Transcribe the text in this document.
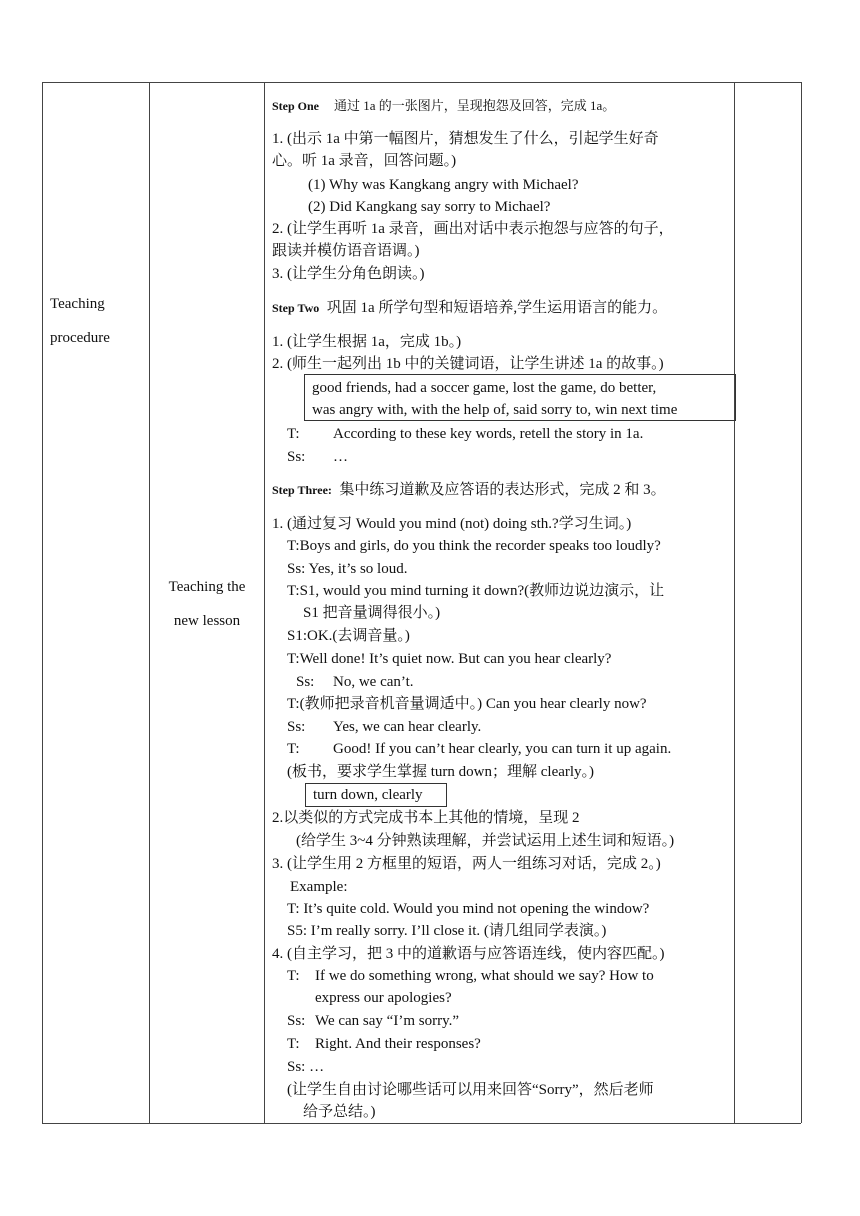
Teaching
procedure
Teaching the
new lesson
Step One 通过 1a 的一张图片，呈现抱怨及回答，完成 1a。
1. (出示 1a 中第一幅图片，猜想发生了什么，引起学生好奇
心。听 1a 录音，回答问题。)
(1) Why was Kangkang angry with Michael?
(2) Did Kangkang say sorry to Michael?
2. (让学生再听 1a 录音，画出对话中表示抱怨与应答的句子，
跟读并模仿语音语调。)
3. (让学生分角色朗读。)
Step Two 巩固 1a 所学句型和短语培养,学生运用语言的能力。
1. (让学生根据 1a，完成 1b。)
2. (师生一起列出 1b 中的关键词语，让学生讲述 1a 的故事。)
good friends, had a soccer game, lost the game, do better,
was angry with, with the help of, said sorry to, win next time
T: According to these key words, retell the story in 1a.
Ss: …
Step Three: 集中练习道歉及应答语的表达形式，完成 2 和 3。
1. (通过复习 Would you mind (not) doing sth.?学习生词。)
T:Boys and girls, do you think the recorder speaks too loudly?
Ss: Yes, it’s so loud.
T:S1, would you mind turning it down?(教师边说边演示，让
S1 把音量调得很小。)
S1:OK.(去调音量。)
T:Well done! It’s quiet now. But can you hear clearly?
Ss: No, we can’t.
T:(教师把录音机音量调适中。) Can you hear clearly now?
Ss: Yes, we can hear clearly.
T: Good! If you can’t hear clearly, you can turn it up again.
(板书，要求学生掌握 turn down；理解 clearly。)
turn down, clearly
2.以类似的方式完成书本上其他的情境，呈现 2
(给学生 3~4 分钟熟读理解，并尝试运用上述生词和短语。)
3. (让学生用 2 方框里的短语，两人一组练习对话，完成 2。)
Example:
T: It’s quite cold. Would you mind not opening the window?
S5: I’m really sorry. I’ll close it. (请几组同学表演。)
4. (自主学习，把 3 中的道歉语与应答语连线，使内容匹配。)
T: If we do something wrong, what should we say? How to
express our apologies?
Ss: We can say “I’m sorry.”
T: Right. And their responses?
Ss: …
(让学生自由讨论哪些话可以用来回答“Sorry”，然后老师
给予总结。)
